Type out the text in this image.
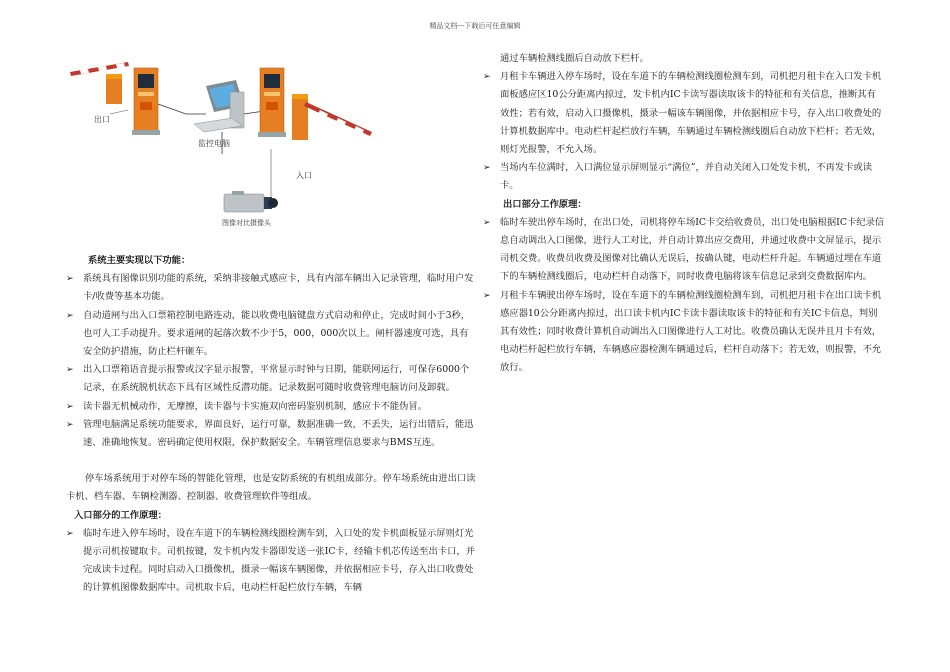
精品文档---下载后可任意编辑
出口
监控电脑
入口
图像对比摄像头

系统主要实现以下功能：

➢ 系统具有图像识别功能的系统，采纳非接触式感应卡，具有内部车辆出入记录管理，临时用户发卡/收费等基本功能。

➢ 自动道闸与出入口票箱控制电路连动，能以收费电脑键盘方式启动和停止，完成时间小于3秒，也可人工手动提升。要求道闸的起落次数不少于5，000，000次以上。闸杆器速度可选，具有安全防护措施，防止栏杆砸车。

➢ 出入口票箱语音提示报警或汉字显示报警，平常显示时钟与日期，能联网运行，可保存6000个记录，在系统脱机状态下具有区域性反潜功能。记录数据可随时收费管理电脑访问及卸载。

➢ 读卡器无机械动作，无摩擦，读卡器与卡实施双向密码鉴别机制，感应卡不能伪冒。

➢ 管理电脑满足系统功能要求，界面良好，运行可靠，数据准确一致，不丢失，运行出错后，能迅速、准确地恢复。密码确定使用权限，保护数据安全。车辆管理信息要求与BMS互连。

停车场系统用于对停车场的智能化管理，也是安防系统的有机组成部分。停车场系统由进出口读卡机、档车器、车辆检测器、控制器、收费管理软件等组成。

入口部分的工作原理：

➢ 临时车进入停车场时，设在车道下的车辆检测线圈检测车到，入口处的发卡机面板显示屏则灯光提示司机按键取卡。司机按键，发卡机内发卡器即发送一张IC卡，经输卡机芯传送至出卡口，并完成读卡过程。同时启动入口摄像机，摄录一幅该车辆图像，并依据相应卡号，存入出口收费处的计算机图像数据库中。司机取卡后，电动栏杆起栏放行车辆，车辆

通过车辆检测线圈后自动放下栏杆。

➢ 月租卡车辆进入停车场时，设在车道下的车辆检测线圈检测车到，司机把月租卡在入口发卡机面板感应区10公分距离内掠过，发卡机内IC卡读写器读取该卡的特征和有关信息，推断其有效性；若有效，启动入口摄像机，摄录一幅该车辆图像，并依据相应卡号，存入出口收费处的计算机数据库中。电动栏杆起栏放行车辆，车辆通过车辆检测线圈后自动放下栏杆；若无效，则灯光报警，不允入场。

➢ 当场内车位满时，入口满位显示屏则显示“满位”，并自动关闭入口处发卡机，不再发卡或读卡。

出口部分工作原理：

➢ 临时车驶出停车场时，在出口处，司机将停车场IC卡交给收费员，出口处电脑根据IC卡纪录信息自动调出入口图像，进行人工对比，并自动计算出应交费用，并通过收费中文屏显示，提示司机交费。收费员收费及图像对比确认无误后，按确认键，电动栏杆升起。车辆通过埋在车道下的车辆检测线圈后，电动栏杆自动落下，同时收费电脑将该车信息记录到交费数据库内。

➢ 月租卡车辆驶出停车场时，设在车道下的车辆检测线圈检测车到，司机把月租卡在出口读卡机感应器10公分距离内掠过，出口读卡机内IC卡读卡器读取该卡的特征和有关IC卡信息，判别其有效性；同时收费计算机自动调出入口图像进行人工对比。收费员确认无误并且月卡有效，电动栏杆起栏放行车辆，车辆感应器检测车辆通过后，栏杆自动落下；若无效，则报警，不允放行。
